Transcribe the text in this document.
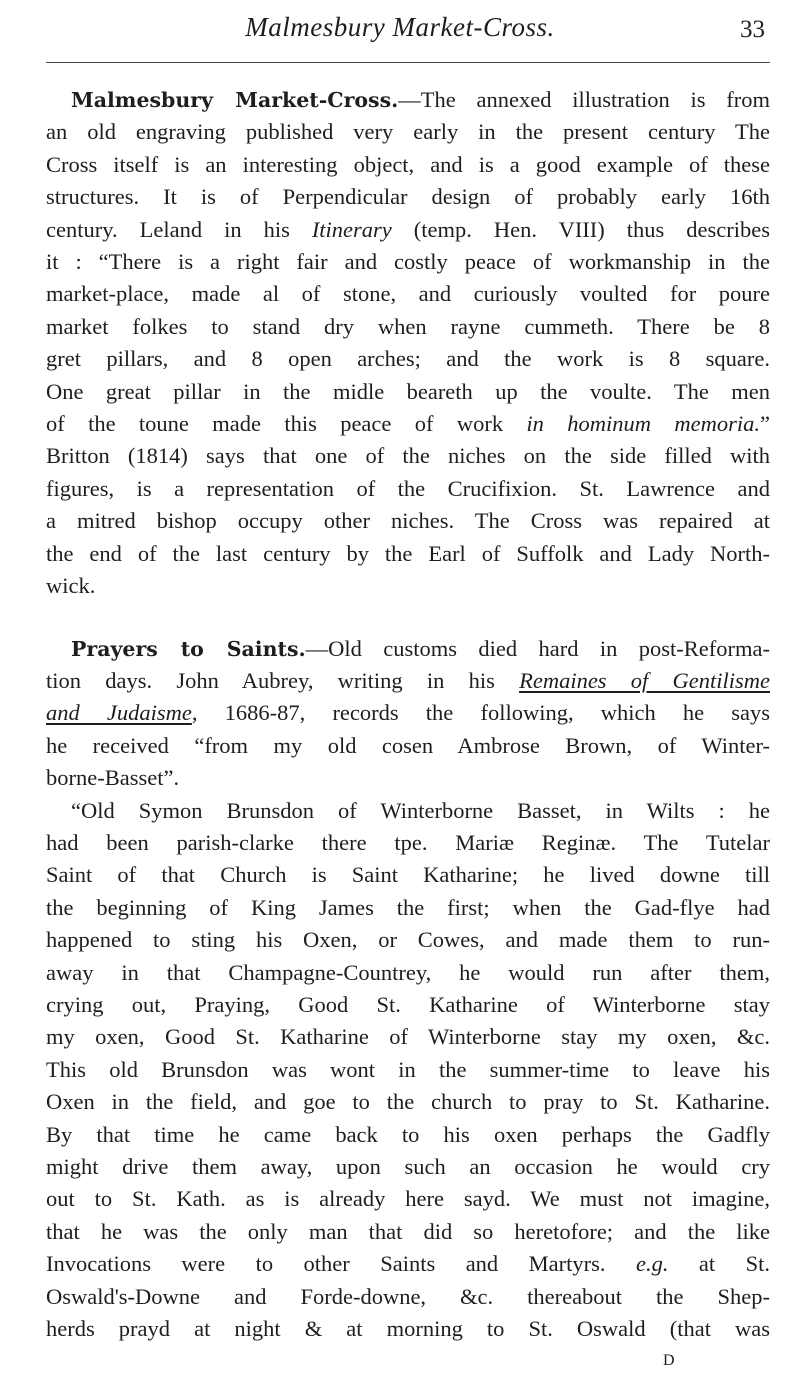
Malmesbury Market-Cross.	33
Malmesbury Market-Cross.—The annexed illustration is from
an old engraving published very early in the present century The
Cross itself is an interesting object, and is a good example of these
structures. It is of Perpendicular design of probably early 16th
century. Leland in his Itinerary (temp. Hen. VIII) thus describes
it : “There is a right fair and costly peace of workmanship in the
market-place, made al of stone, and curiously voulted for poure
market folkes to stand dry when rayne cummeth. There be 8
gret pillars, and 8 open arches; and the work is 8 square.
One great pillar in the midle beareth up the voulte. The men
of the toune made this peace of work in hominum memoria.”
Britton (1814) says that one of the niches on the side filled with
figures, is a representation of the Crucifixion. St. Lawrence and
a mitred bishop occupy other niches. The Cross was repaired at
the end of the last century by the Earl of Suffolk and Lady North-
wick.
Prayers to Saints.—Old customs died hard in post-Reforma-
tion days. John Aubrey, writing in his Remaines of Gentilisme
and Judaisme, 1686-87, records the following, which he says
he received “from my old cosen Ambrose Brown, of Winter-
borne-Basset”.
“Old Symon Brunsdon of Winterborne Basset, in Wilts : he
had been parish-clarke there tpe. Mariæ Reginæ. The Tutelar
Saint of that Church is Saint Katharine; he lived downe till
the beginning of King James the first; when the Gad-flye had
happened to sting his Oxen, or Cowes, and made them to run-
away in that Champagne-Countrey, he would run after them,
crying out, Praying, Good St. Katharine of Winterborne stay
my oxen, Good St. Katharine of Winterborne stay my oxen, &c.
This old Brunsdon was wont in the summer-time to leave his
Oxen in the field, and goe to the church to pray to St. Katharine.
By that time he came back to his oxen perhaps the Gadfly
might drive them away, upon such an occasion he would cry
out to St. Kath. as is already here sayd. We must not imagine,
that he was the only man that did so heretofore; and the like
Invocations were to other Saints and Martyrs. e.g. at St.
Oswald's-Downe and Forde-downe, &c. thereabout the Shep-
herds prayd at night & at morning to St. Oswald (that was
D
